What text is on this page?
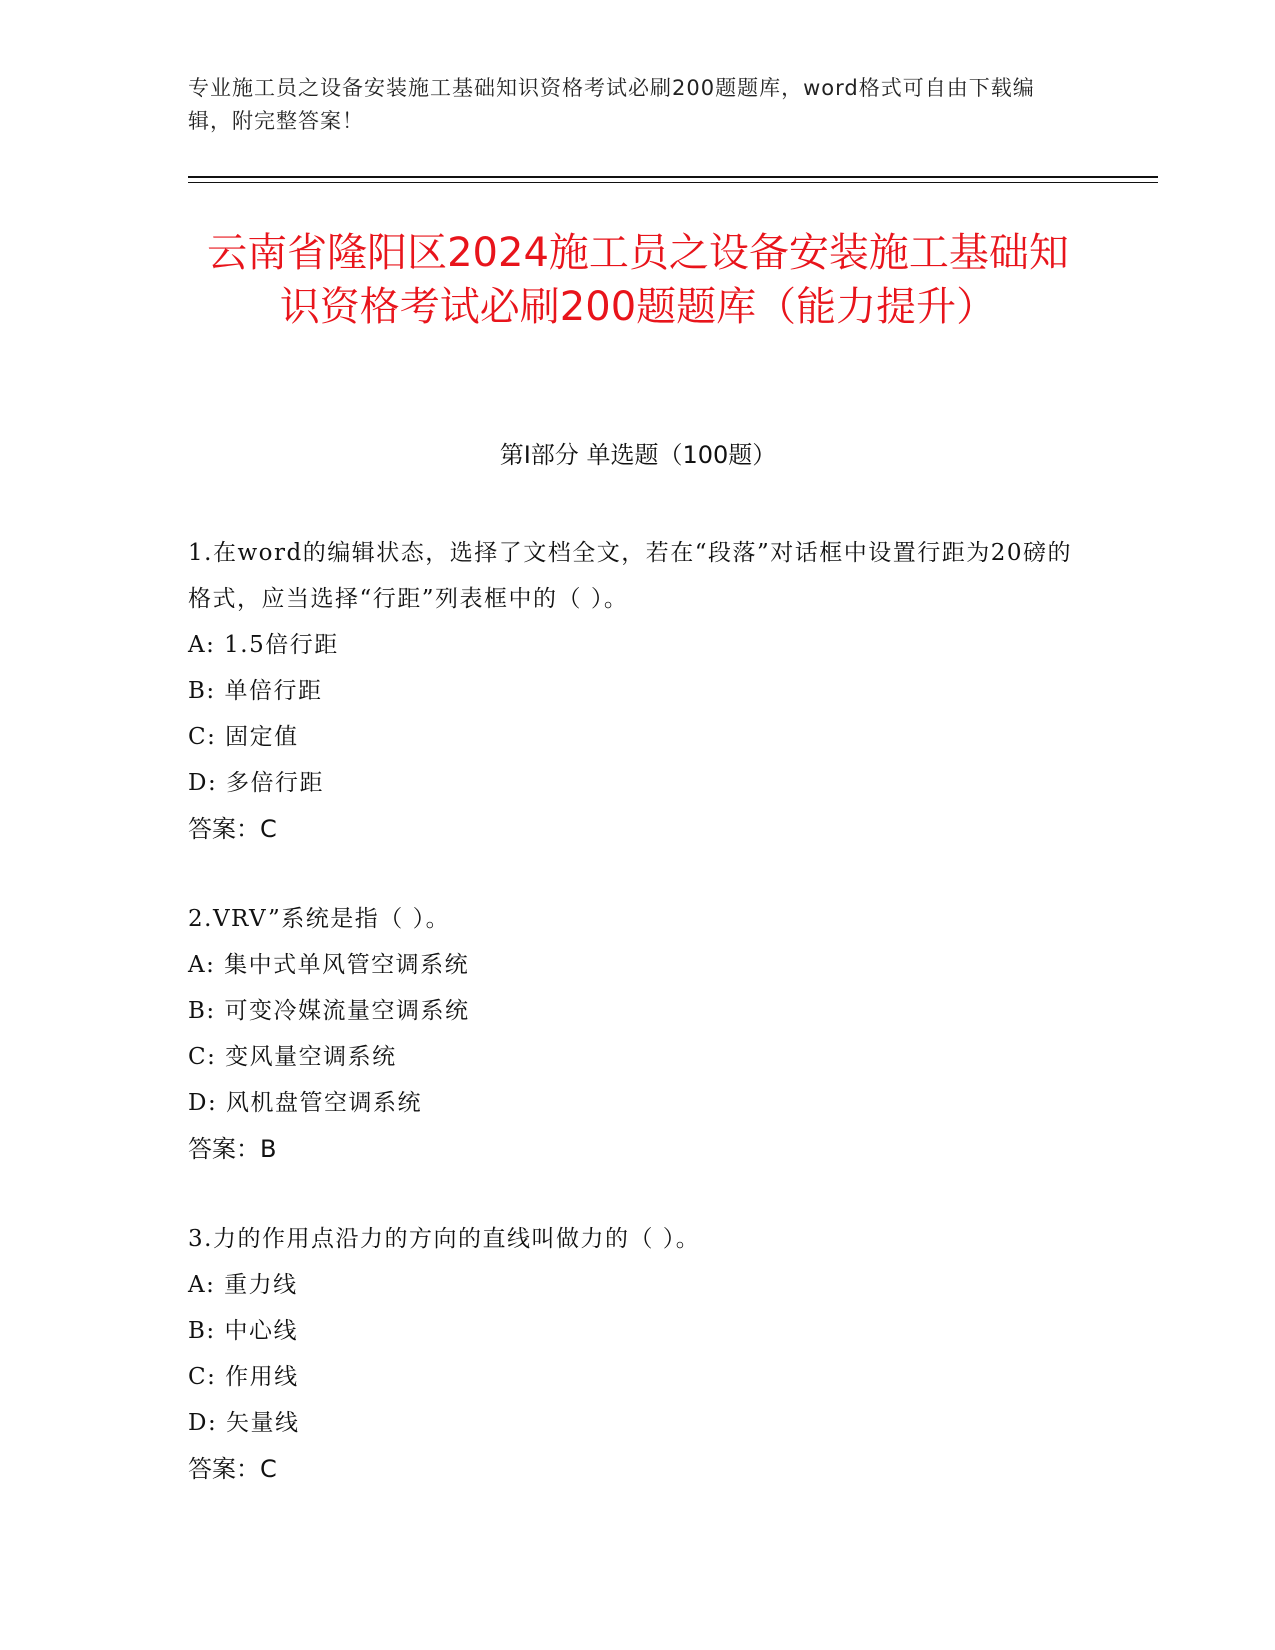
专业施工员之设备安装施工基础知识资格考试必刷200题题库，word格式可自由下载编辑，附完整答案！
云南省隆阳区2024施工员之设备安装施工基础知识资格考试必刷200题题库（能力提升）
第I部分 单选题（100题）

1.在word的编辑状态，选择了文档全文，若在“段落”对话框中设置行距为20磅的格式，应当选择“行距”列表框中的（ ）。

A: 1.5倍行距

B: 单倍行距

C: 固定值

D: 多倍行距

答案：C

2.VRV”系统是指（ ）。

A: 集中式单风管空调系统

B: 可变冷媒流量空调系统

C: 变风量空调系统

D: 风机盘管空调系统

答案：B

3.力的作用点沿力的方向的直线叫做力的（ ）。

A: 重力线

B: 中心线

C: 作用线

D: 矢量线

答案：C
